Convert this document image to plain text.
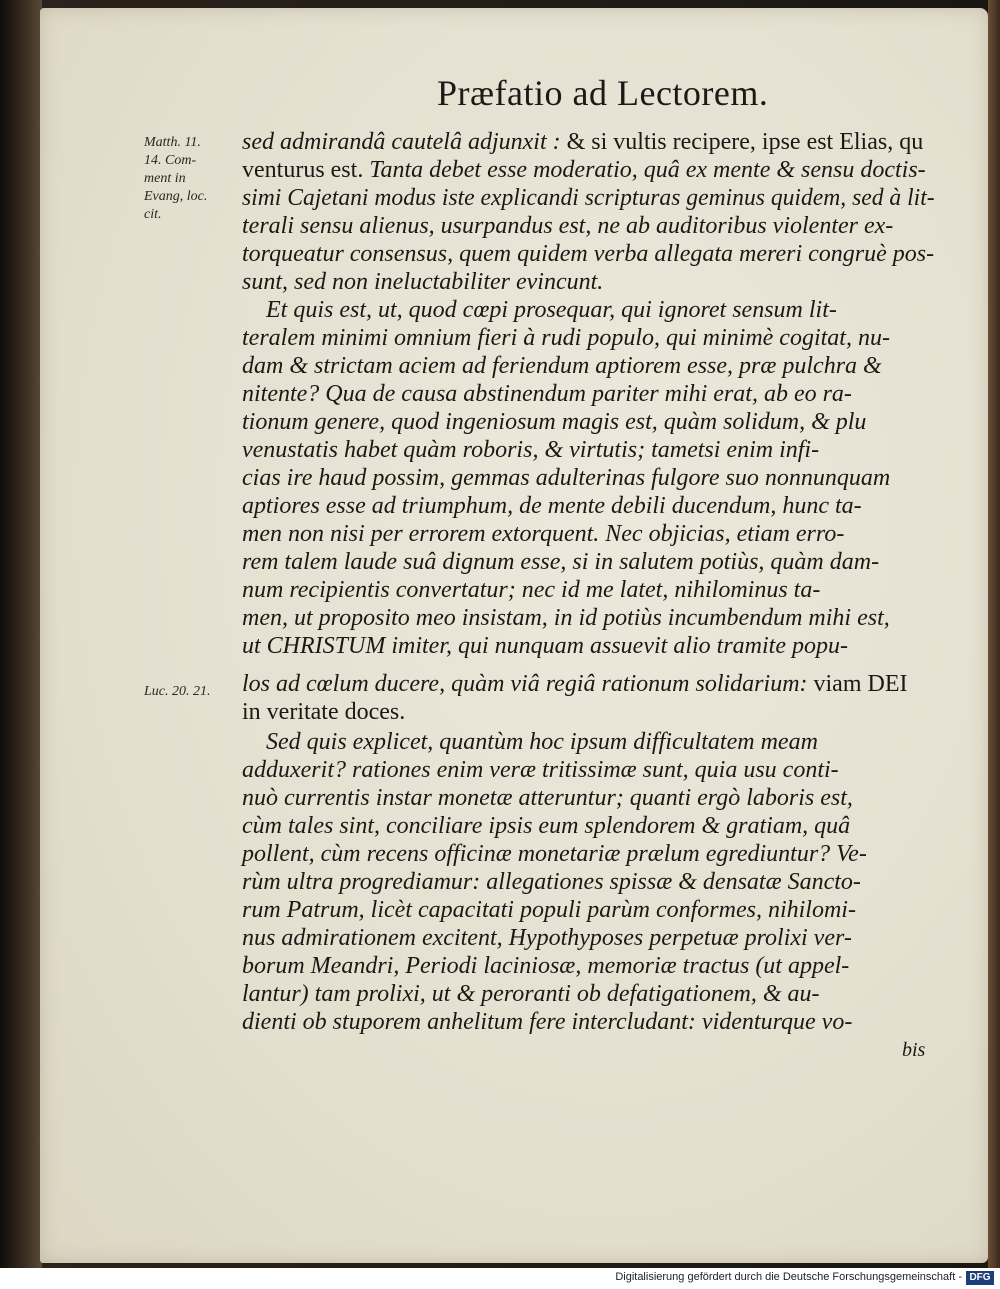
Præfatio ad Lectorem.
Matth. 11.
14. Com-
ment in
Evang, loc.
cit.
Luc. 20. 21.
sed admirandâ cautelâ adjunxit : & si vultis recipere, ipse est Elias, qu
venturus est. Tanta debet esse moderatio, quâ ex mente & sensu doctis-
simi Cajetani modus iste explicandi scripturas geminus quidem, sed à lit-
terali sensu alienus, usurpandus est, ne ab auditoribus violenter ex-
torqueatur consensus, quem quidem verba allegata mereri congruè pos-
sunt, sed non ineluctabiliter evincunt.
Et quis est, ut, quod cœpi prosequar, qui ignoret sensum lit-
teralem minimi omnium fieri à rudi populo, qui minimè cogitat, nu-
dam & strictam aciem ad feriendum aptiorem esse, præ pulchra &
nitente? Qua de causa abstinendum pariter mihi erat, ab eo ra-
tionum genere, quod ingeniosum magis est, quàm solidum, & plu
venustatis habet quàm roboris, & virtutis; tametsi enim infi-
cias ire haud possim, gemmas adulterinas fulgore suo nonnunquam
aptiores esse ad triumphum, de mente debili ducendum, hunc ta-
men non nisi per errorem extorquent. Nec objicias, etiam erro-
rem talem laude suâ dignum esse, si in salutem potiùs, quàm dam-
num recipientis convertatur; nec id me latet, nihilominus ta-
men, ut proposito meo insistam, in id potiùs incumbendum mihi est,
ut CHRISTUM imiter, qui nunquam assuevit alio tramite popu-
los ad cœlum ducere, quàm viâ regiâ rationum solidarium: viam DEI
in veritate doces.
Sed quis explicet, quantùm hoc ipsum difficultatem meam
adduxerit? rationes enim veræ tritissimæ sunt, quia usu conti-
nuò currentis instar monetæ atteruntur; quanti ergò laboris est,
cùm tales sint, conciliare ipsis eum splendorem & gratiam, quâ
pollent, cùm recens officinæ monetariæ prælum egrediuntur? Ve-
rùm ultra progrediamur: allegationes spissæ & densatæ Sancto-
rum Patrum, licèt capacitati populi parùm conformes, nihilomi-
nus admirationem excitent, Hypothyposes perpetuæ prolixi ver-
borum Meandri, Periodi laciniosæ, memoriæ tractus (ut appel-
lantur) tam prolixi, ut & peroranti ob defatigationem, & au-
dienti ob stuporem anhelitum fere intercludant: videnturque vo-
bis
Digitalisierung gefördert durch die Deutsche Forschungsgemeinschaft - DFG
